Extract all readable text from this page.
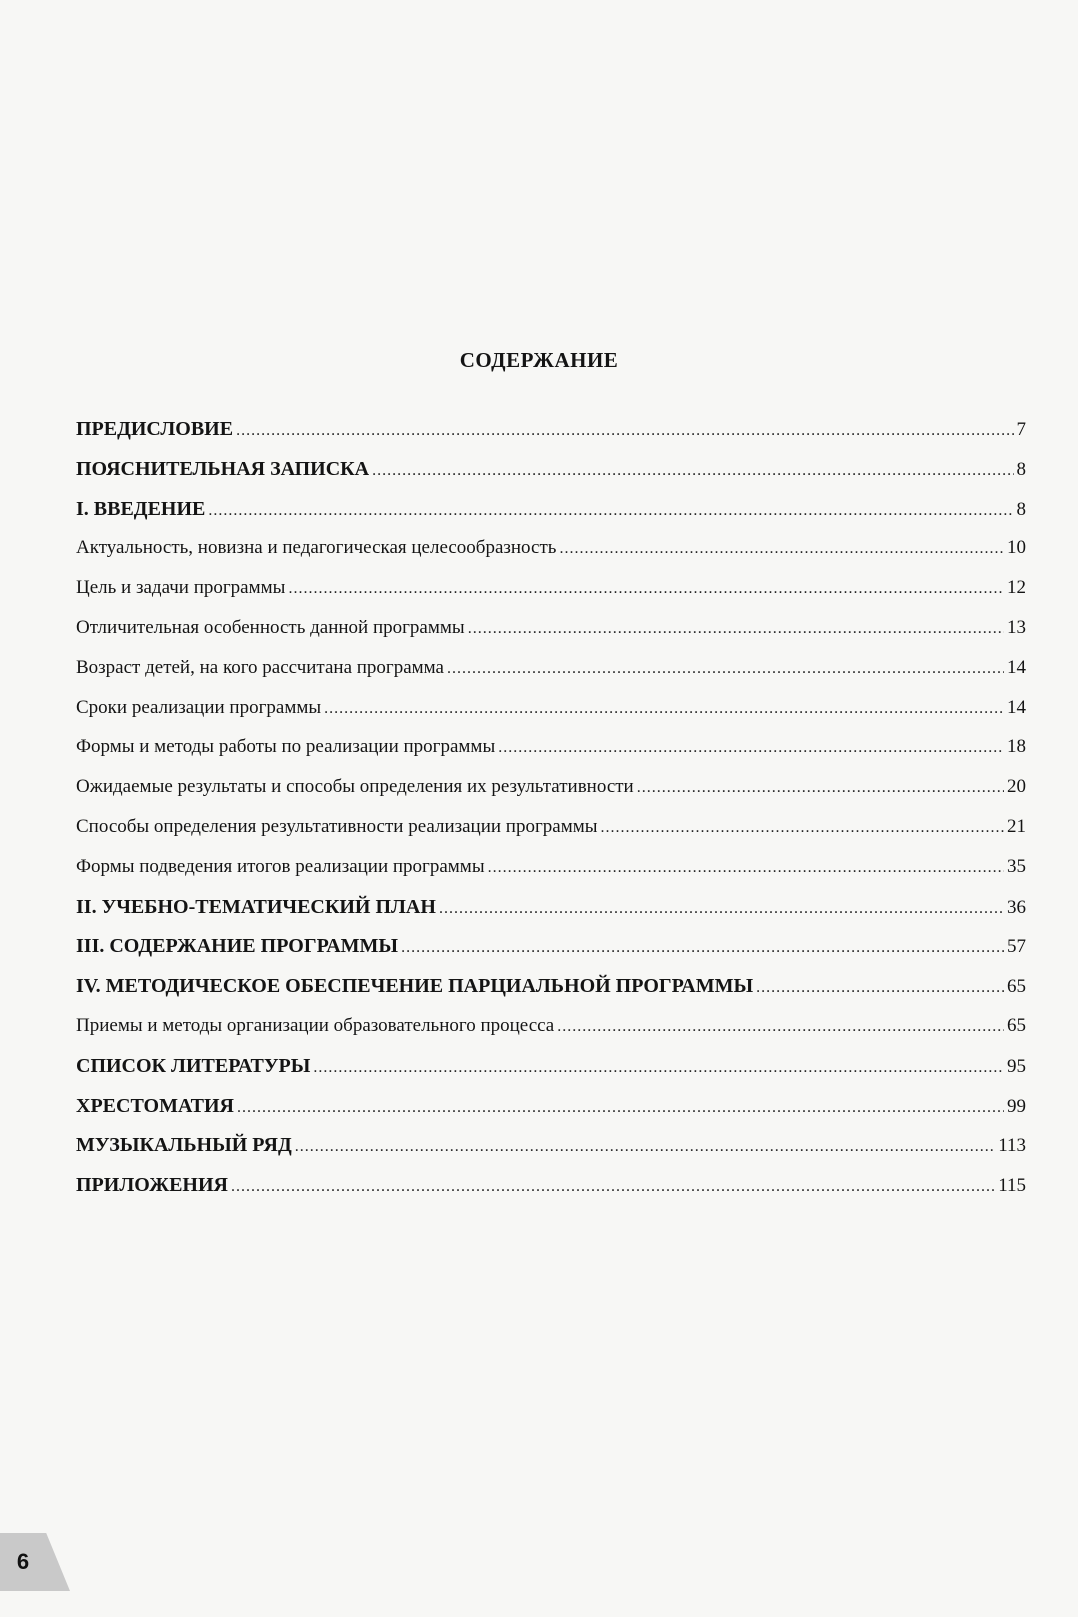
СОДЕРЖАНИЕ
ПРЕДИСЛОВИЕ .....	7
ПОЯСНИТЕЛЬНАЯ ЗАПИСКА .....	8
I. ВВЕДЕНИЕ .....	8
Актуальность, новизна и педагогическая целесообразность .....	10
Цель и задачи программы .....	12
Отличительная особенность данной программы .....	13
Возраст детей, на кого рассчитана программа .....	14
Сроки реализации программы .....	14
Формы и методы работы по реализации программы .....	18
Ожидаемые результаты и способы определения их результативности .....	20
Способы определения результативности реализации программы .....	21
Формы подведения итогов реализации программы .....	35
II. УЧЕБНО-ТЕМАТИЧЕСКИЙ ПЛАН .....	36
III. СОДЕРЖАНИЕ ПРОГРАММЫ .....	57
IV. МЕТОДИЧЕСКОЕ ОБЕСПЕЧЕНИЕ ПАРЦИАЛЬНОЙ ПРОГРАММЫ .....	65
Приемы и методы организации образовательного процесса .....	65
СПИСОК ЛИТЕРАТУРЫ .....	95
ХРЕСТОМАТИЯ .....	99
МУЗЫКАЛЬНЫЙ РЯД .....	113
ПРИЛОЖЕНИЯ .....	115
6
